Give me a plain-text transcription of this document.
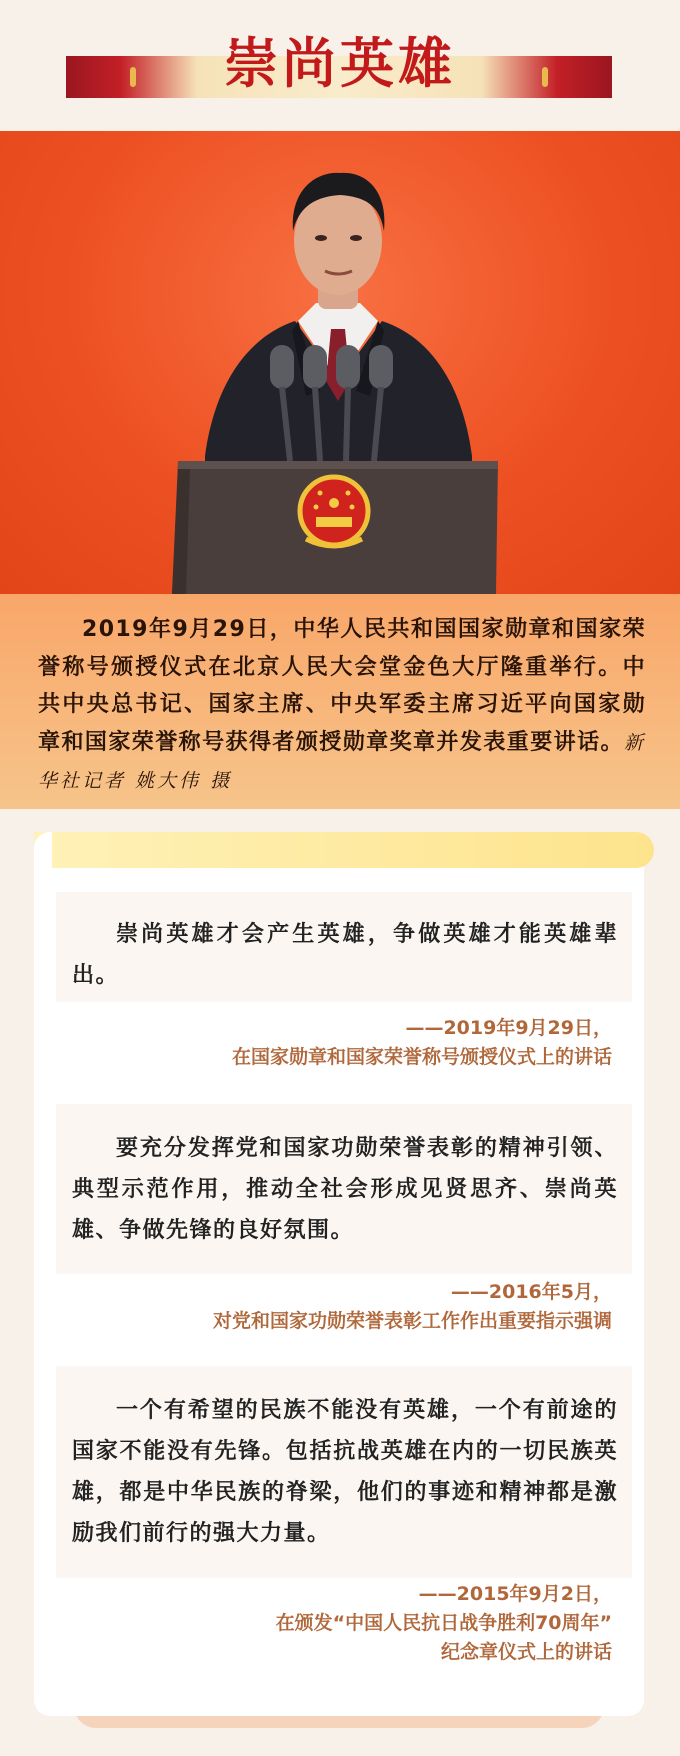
崇尚英雄

2019年9月29日，中华人民共和国国家勋章和国家荣誉称号颁授仪式在北京人民大会堂金色大厅隆重举行。中共中央总书记、国家主席、中央军委主席习近平向国家勋章和国家荣誉称号获得者颁授勋章奖章并发表重要讲话。新华社记者 姚大伟 摄

崇尚英雄才会产生英雄，争做英雄才能英雄辈出。

——2019年9月29日，
在国家勋章和国家荣誉称号颁授仪式上的讲话

要充分发挥党和国家功勋荣誉表彰的精神引领、典型示范作用，推动全社会形成见贤思齐、崇尚英雄、争做先锋的良好氛围。

——2016年5月，
对党和国家功勋荣誉表彰工作作出重要指示强调

一个有希望的民族不能没有英雄，一个有前途的国家不能没有先锋。包括抗战英雄在内的一切民族英雄，都是中华民族的脊梁，他们的事迹和精神都是激励我们前行的强大力量。

——2015年9月2日，
在颁发“中国人民抗日战争胜利70周年”
纪念章仪式上的讲话
